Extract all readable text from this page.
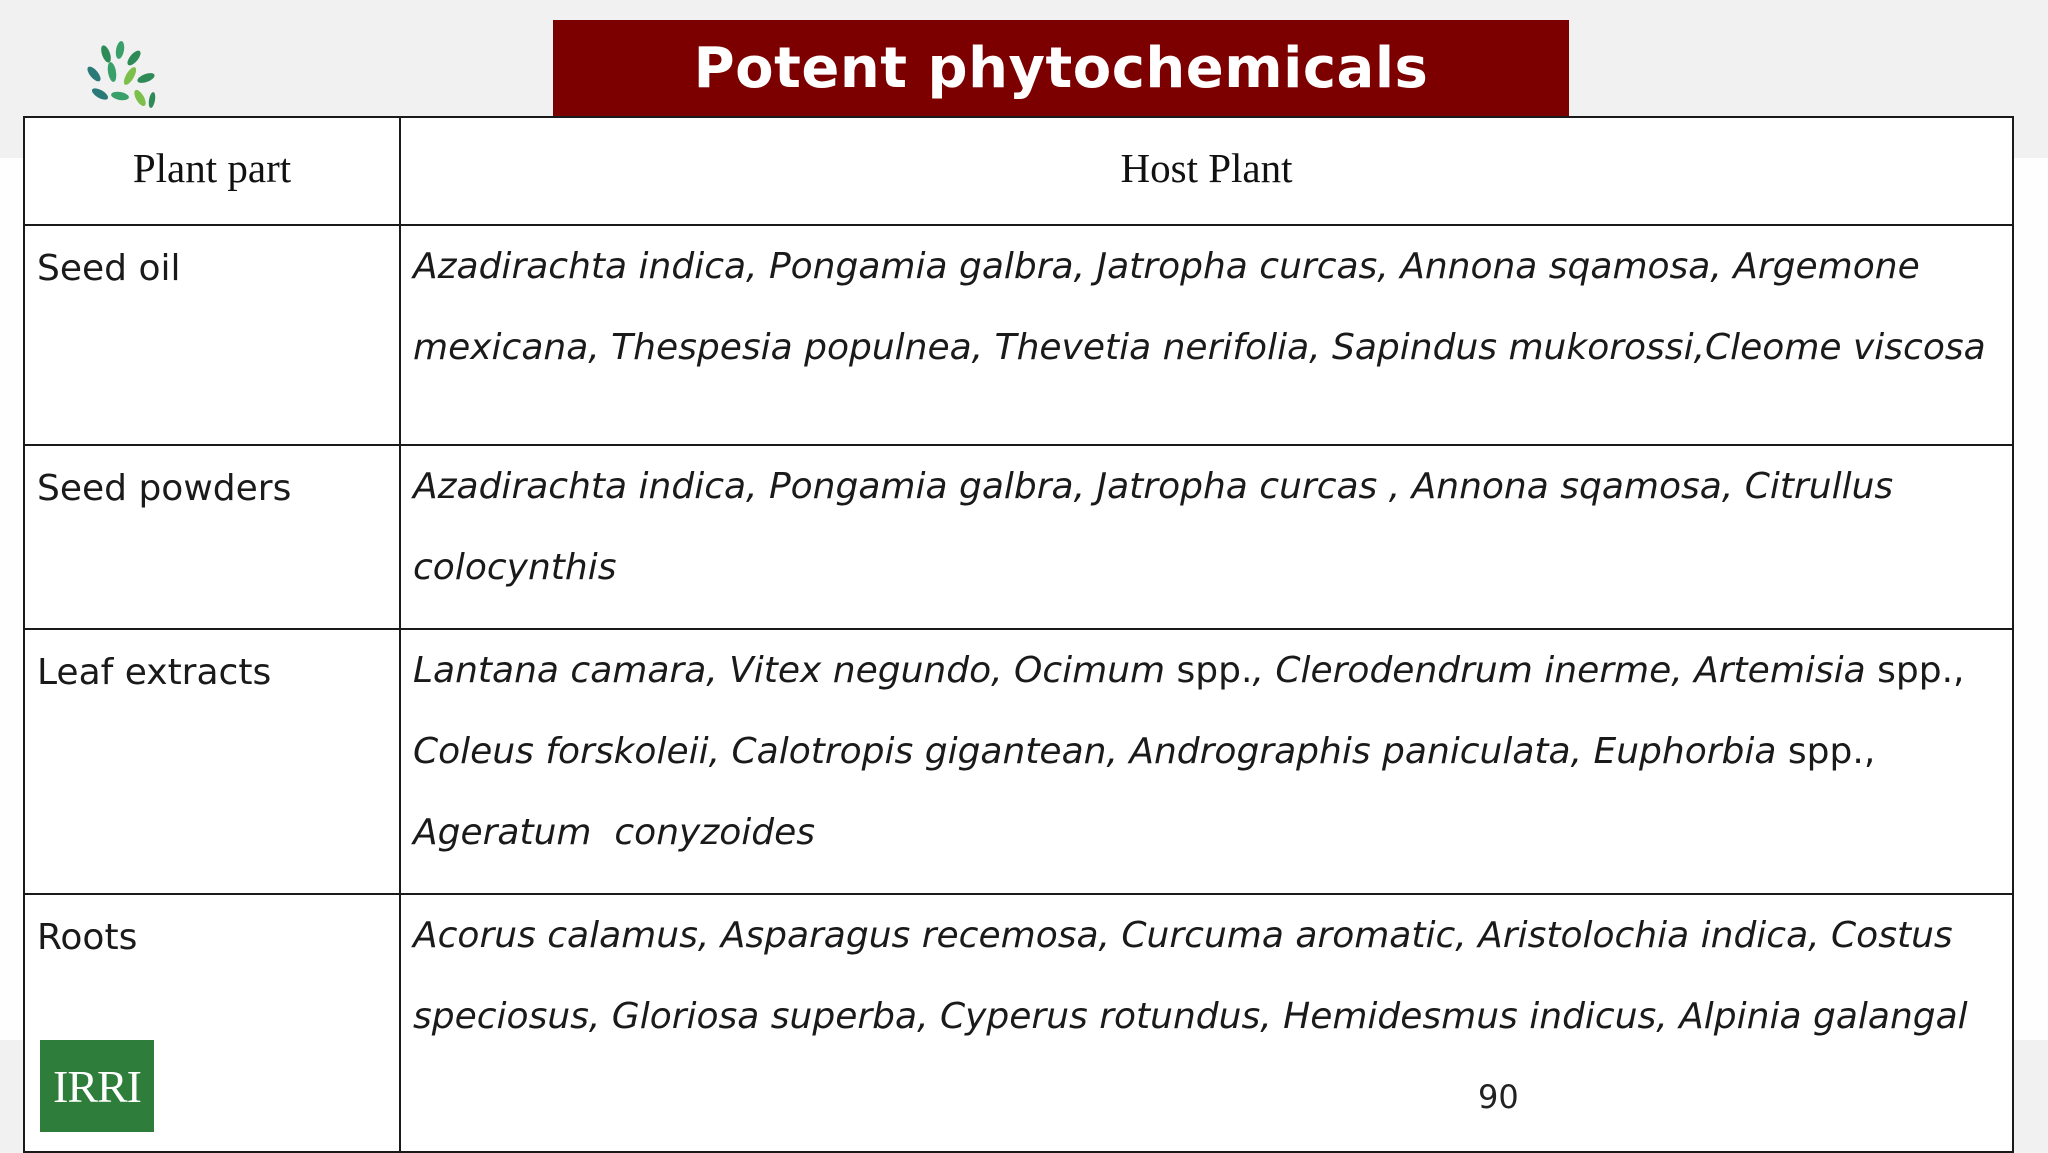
Potent phytochemicals
Plant part	Host Plant
Seed oil	Azadirachta indica, Pongamia galbra, Jatropha curcas, Annona sqamosa, Argemone
mexicana, Thespesia populnea, Thevetia nerifolia, Sapindus mukorossi,Cleome viscosa

Seed powders	Azadirachta indica, Pongamia galbra, Jatropha curcas , Annona sqamosa, Citrullus
colocynthis

Leaf extracts	Lantana camara, Vitex negundo, Ocimum spp., Clerodendrum inerme, Artemisia spp.,
Coleus forskoleii, Calotropis gigantean, Andrographis paniculata, Euphorbia spp.,
Ageratum  conyzoides

Roots	Acorus calamus, Asparagus recemosa, Curcuma aromatic, Aristolochia indica, Costus
speciosus, Gloriosa superba, Cyperus rotundus, Hemidesmus indicus, Alpinia galangal
IRRI	90
